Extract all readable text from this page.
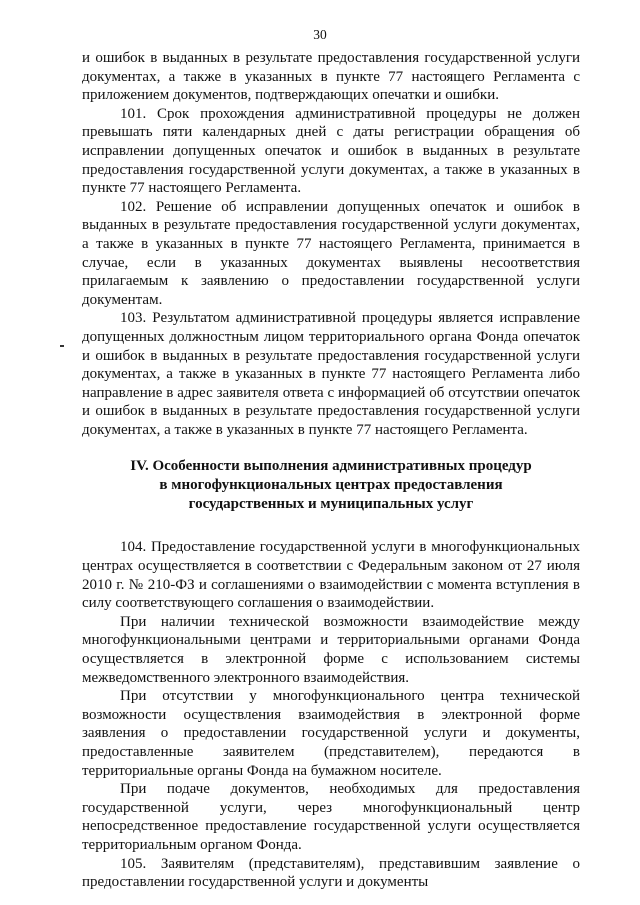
30

и ошибок в выданных в результате предоставления государственной услуги документах, а также в указанных в пункте 77 настоящего Регламента с приложением документов, подтверждающих опечатки и ошибки.

101. Срок прохождения административной процедуры не должен превышать пяти календарных дней с даты регистрации обращения об исправлении допущенных опечаток и ошибок в выданных в результате предоставления государственной услуги документах, а также в указанных в пункте 77 настоящего Регламента.

102. Решение об исправлении допущенных опечаток и ошибок в выданных в результате предоставления государственной услуги документах, а также в указанных в пункте 77 настоящего Регламента, принимается в случае, если в указанных документах выявлены несоответствия прилагаемым к заявлению о предоставлении государственной услуги документам.

103. Результатом административной процедуры является исправление допущенных должностным лицом территориального органа Фонда опечаток и ошибок в выданных в результате предоставления государственной услуги документах, а также в указанных в пункте 77 настоящего Регламента либо направление в адрес заявителя ответа с информацией об отсутствии опечаток и ошибок в выданных в результате предоставления государственной услуги документах, а также в указанных в пункте 77 настоящего Регламента.

IV. Особенности выполнения административных процедур

в многофункциональных центрах предоставления

государственных и муниципальных услуг

104. Предоставление государственной услуги в многофункциональных центрах осуществляется в соответствии с Федеральным законом от 27 июля 2010 г. № 210-ФЗ и соглашениями о взаимодействии с момента вступления в силу соответствующего соглашения о взаимодействии.

При наличии технической возможности взаимодействие между многофункциональными центрами и территориальными органами Фонда осуществляется в электронной форме с использованием системы межведомственного электронного взаимодействия.

При отсутствии у многофункционального центра технической возможности осуществления взаимодействия в электронной форме заявления о предоставлении государственной услуги и документы, предоставленные заявителем (представителем), передаются в территориальные органы Фонда на бумажном носителе.

При подаче документов, необходимых для предоставления государственной услуги, через многофункциональный центр непосредственное предоставление государственной услуги осуществляется территориальным органом Фонда.

105. Заявителям (представителям), представившим заявление о предоставлении государственной услуги и документы
